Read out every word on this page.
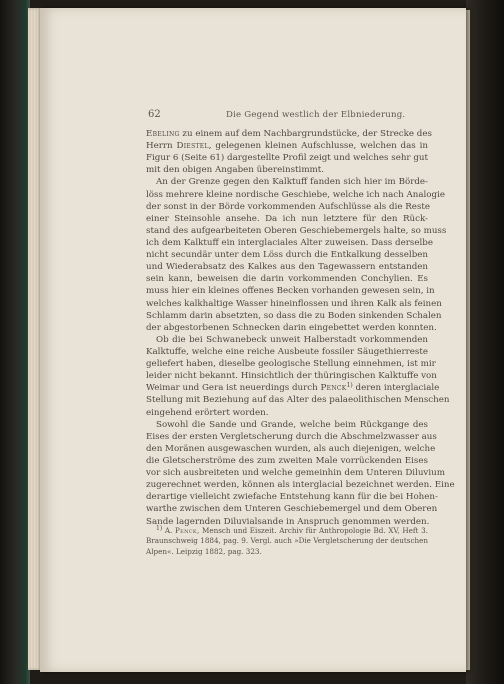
62	Die Gegend westlich der Elbniederung.
Ebeling zu einem auf dem Nachbargrundstücke, der Strecke des
Herrn Diestel, gelegenen kleinen Aufschlusse, welchen das in
Figur 6 (Seite 61) dargestellte Profil zeigt und welches sehr gut
mit den obigen Angaben übereinstimmt.
An der Grenze gegen den Kalktuff fanden sich hier im Börde-
löss mehrere kleine nordische Geschiebe, welche ich nach Analogie
der sonst in der Börde vorkommenden Aufschlüsse als die Reste
einer Steinsohle ansehe. Da ich nun letztere für den Rück-
stand des aufgearbeiteten Oberen Geschiebemergels halte, so muss
ich dem Kalktuff ein interglaciales Alter zuweisen. Dass derselbe
nicht secundär unter dem Löss durch die Entkalkung desselben
und Wiederabsatz des Kalkes aus den Tagewassern entstanden
sein kann, beweisen die darin vorkommenden Conchylien. Es
muss hier ein kleines offenes Becken vorhanden gewesen sein, in
welches kalkhaltige Wasser hineinflossen und ihren Kalk als feinen
Schlamm darin absetzten, so dass die zu Boden sinkenden Schalen
der abgestorbenen Schnecken darin eingebettet werden konnten.
Ob die bei Schwanebeck unweit Halberstadt vorkommenden
Kalktuffe, welche eine reiche Ausbeute fossiler Säugethierreste
geliefert haben, dieselbe geologische Stellung einnehmen, ist mir
leider nicht bekannt. Hinsichtlich der thüringischen Kalktuffe von
Weimar und Gera ist neuerdings durch Penck$^{1)}$ deren interglaciale
Stellung mit Beziehung auf das Alter des palaeolithischen Menschen
eingehend erörtert worden.
Sowohl die Sande und Grande, welche beim Rückgange des
Eises der ersten Vergletscherung durch die Abschmelzwasser aus
den Moränen ausgewaschen wurden, als auch diejenigen, welche
die Gletscherströme des zum zweiten Male vorrückenden Eises
vor sich ausbreiteten und welche gemeinhin dem Unteren Diluvium
zugerechnet werden, können als interglacial bezeichnet werden. Eine
derartige vielleicht zwiefache Entstehung kann für die bei Hohen-
warthe zwischen dem Unteren Geschiebemergel und dem Oberen
Sande lagernden Diluvialsande in Anspruch genommen werden.
$^{1)}$ A. Penck, Mensch und Eiszeit. Archiv für Anthropologie Bd. XV, Heft 3.
Braunschweig 1884, pag. 9. Vergl. auch »Die Vergletscherung der deutschen
Alpen«. Leipzig 1882, pag. 323.
